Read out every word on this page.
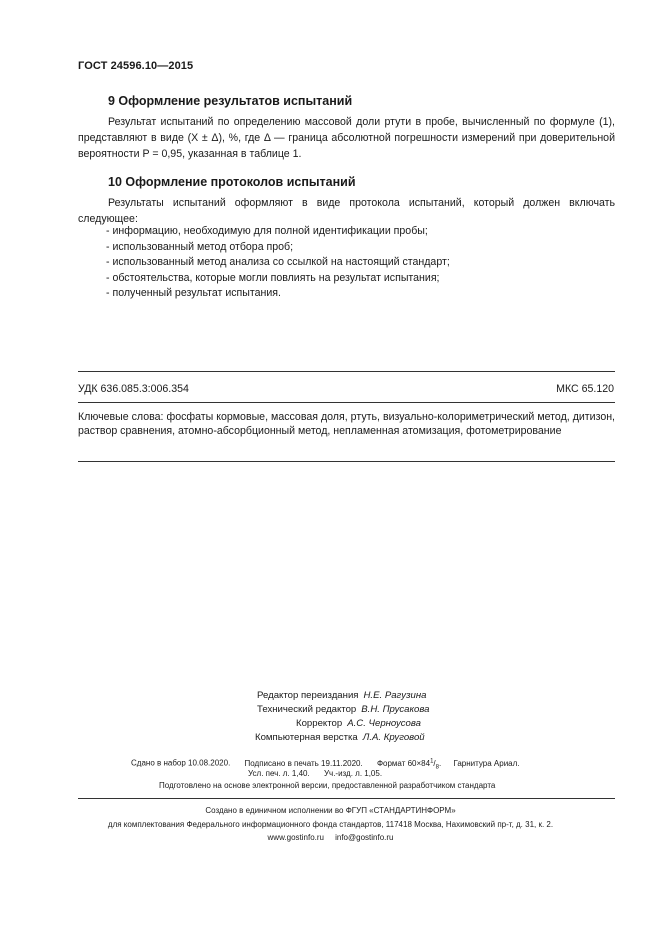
ГОСТ 24596.10—2015
9 Оформление результатов испытаний

Результат испытаний по определению массовой доли ртути в пробе, вычисленный по формуле (1), представляют в виде (X ± Δ), %, где Δ — граница абсолютной погрешности измерений при доверительной вероятности P = 0,95, указанная в таблице 1.

10 Оформление протоколов испытаний

Результаты испытаний оформляют в виде протокола испытаний, который должен включать следующее:

- информацию, необходимую для полной идентификации пробы;
- использованный метод отбора проб;
- использованный метод анализа со ссылкой на настоящий стандарт;
- обстоятельства, которые могли повлиять на результат испытания;
- полученный результат испытания.
УДК 636.085.3:006.354	МКС 65.120
Ключевые слова: фосфаты кормовые, массовая доля, ртуть, визуально-колориметрический метод, дитизон, раствор сравнения, атомно-абсорбционный метод, непламенная атомизация, фотометрирование
Редактор переиздания Н.Е. Рагузина
Технический редактор В.Н. Прусакова
Корректор А.С. Черноусова
Компьютерная верстка Л.А. Круговой
Сдано в набор 10.08.2020. Подписано в печать 19.11.2020. Формат $60\times 84^1/_8$. Гарнитура Ариал.
Усл. печ. л. 1,40. Уч.-изд. л. 1,05.
Подготовлено на основе электронной версии, предоставленной разработчиком стандарта
Создано в единичном исполнении во ФГУП «СТАНДАРТИНФОРМ»
для комплектования Федерального информационного фонда стандартов, 117418 Москва, Нахимовский пр-т, д. 31, к. 2.
www.gostinfo.ru     info@gostinfo.ru
